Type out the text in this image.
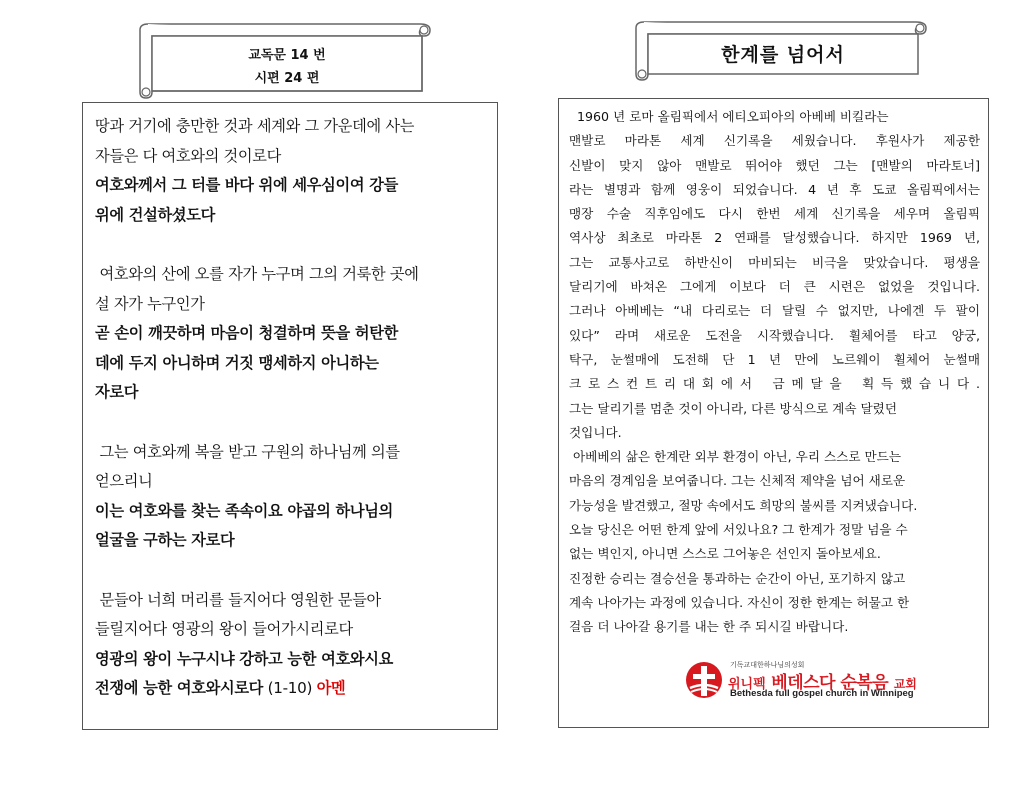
교독문 14 번
시편 24 편
한계를 넘어서
땅과 거기에 충만한 것과 세계와 그 가운데에 사는
자들은 다 여호와의 것이로다
여호와께서 그 터를 바다 위에 세우심이여 강들
위에 건설하셨도다
여호와의 산에 오를 자가 누구며 그의 거룩한 곳에
설 자가 누구인가
곧 손이 깨끗하며 마음이 청결하며 뜻을 허탄한
데에 두지 아니하며 거짓 맹세하지 아니하는
자로다
그는 여호와께 복을 받고 구원의 하나님께 의를
얻으리니
이는 여호와를 찾는 족속이요 야곱의 하나님의
얼굴을 구하는 자로다
문들아 너희 머리를 들지어다 영원한 문들아
들릴지어다 영광의 왕이 들어가시리로다
영광의 왕이 누구시냐 강하고 능한 여호와시요
전쟁에 능한 여호와시로다 (1-10) 아멘
1960 년 로마 올림픽에서 에티오피아의 아베베 비킬라는
맨발로 마라톤 세계 신기록을 세웠습니다. 후원사가 제공한
신발이 맞지 않아 맨발로 뛰어야 했던 그는 [맨발의 마라토너]
라는 별명과 함께 영웅이 되었습니다. 4 년 후 도쿄 올림픽에서는
맹장 수술 직후임에도 다시 한번 세계 신기록을 세우며 올림픽
역사상 최초로 마라톤 2 연패를 달성했습니다. 하지만 1969 년,
그는 교통사고로 하반신이 마비되는 비극을 맞았습니다. 평생을
달리기에 바쳐온 그에게 이보다 더 큰 시련은 없었을 것입니다.
그러나 아베베는 “내 다리로는 더 달릴 수 없지만, 나에겐 두 팔이
있다” 라며 새로운 도전을 시작했습니다. 휠체어를 타고 양궁,
탁구, 눈썰매에 도전해 단 1 년 만에 노르웨이 휠체어 눈썰매
크 로 스 컨 트 리 대 회 에 서   금 메 달 을   획 득 했 습 니 다 .
그는 달리기를 멈춘 것이 아니라, 다른 방식으로 계속 달렸던
것입니다.
아베베의 삶은 한계란 외부 환경이 아닌, 우리 스스로 만드는
마음의 경계임을 보여줍니다. 그는 신체적 제약을 넘어 새로운
가능성을 발견했고, 절망 속에서도 희망의 불씨를 지켜냈습니다.
오늘 당신은 어떤 한계 앞에 서있나요? 그 한계가 정말 넘을 수
없는 벽인지, 아니면 스스로 그어놓은 선인지 돌아보세요.
진정한 승리는 결승선을 통과하는 순간이 아닌, 포기하지 않고
계속 나아가는 과정에 있습니다. 자신이 정한 한계는 허물고 한
걸음 더 나아갈 용기를 내는 한 주 되시길 바랍니다.
기독교대한하나님의성회
위니펙 베데스다 순복음 교회
Bethesda full gospel church in Winnipeg
